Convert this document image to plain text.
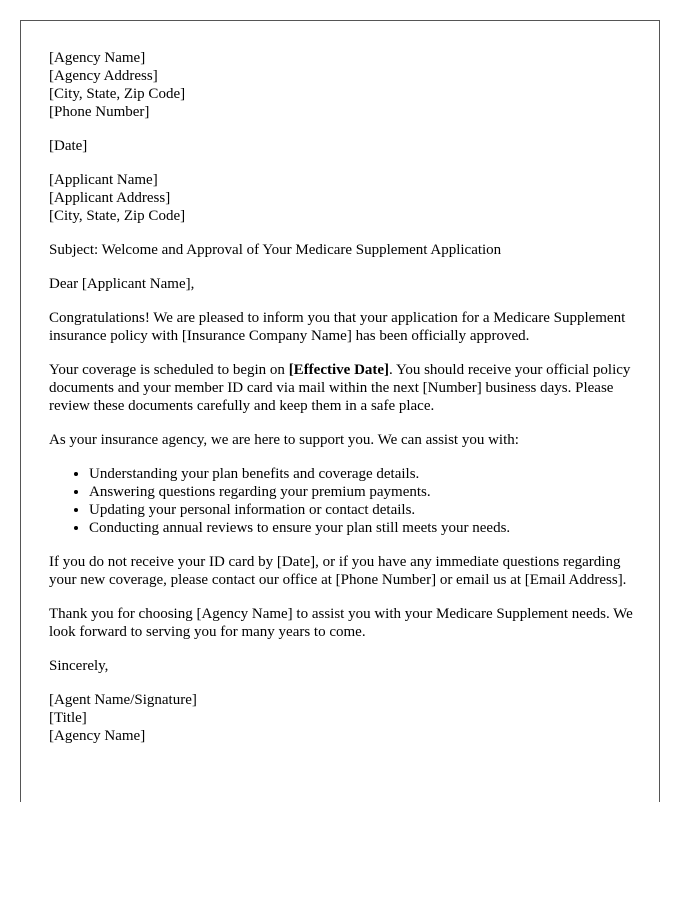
[Agency Name]
[Agency Address]
[City, State, Zip Code]
[Phone Number]
[Date]
[Applicant Name]
[Applicant Address]
[City, State, Zip Code]

Subject: Welcome and Approval of Your Medicare Supplement Application

Dear [Applicant Name],

Congratulations! We are pleased to inform you that your application for a Medicare Supplement insurance policy with [Insurance Company Name] has been officially approved.

Your coverage is scheduled to begin on [Effective Date]. You should receive your official policy documents and your member ID card via mail within the next [Number] business days. Please review these documents carefully and keep them in a safe place.

As your insurance agency, we are here to support you. We can assist you with:

• Understanding your plan benefits and coverage details.
• Answering questions regarding your premium payments.
• Updating your personal information or contact details.
• Conducting annual reviews to ensure your plan still meets your needs.

If you do not receive your ID card by [Date], or if you have any immediate questions regarding your new coverage, please contact our office at [Phone Number] or email us at [Email Address].

Thank you for choosing [Agency Name] to assist you with your Medicare Supplement needs. We look forward to serving you for many years to come.

Sincerely,

[Agent Name/Signature]
[Title]
[Agency Name]
